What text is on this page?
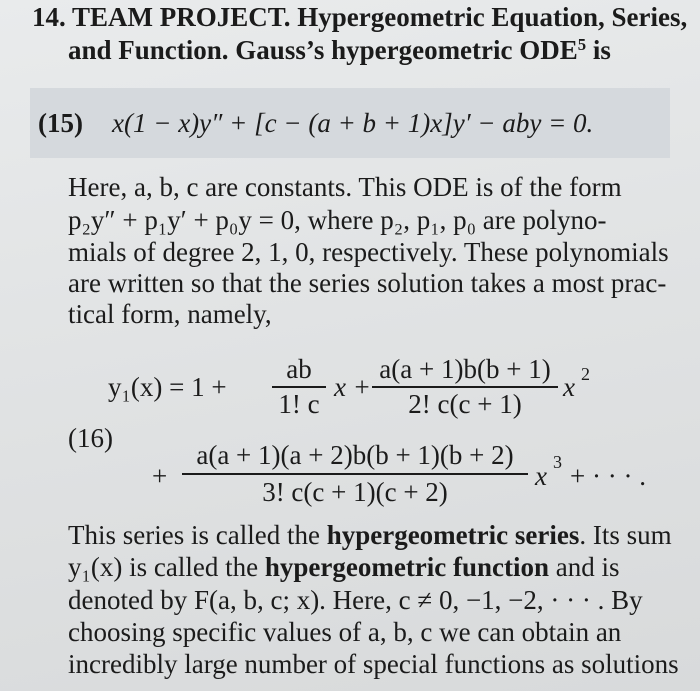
14. TEAM PROJECT. Hypergeometric Equation, Series,
and Function. Gauss’s hypergeometric ODE$^5$ is
(15) x(1 − x)y″ + [c − (a + b + 1)x]y′ − aby = 0.
Here, a, b, c are constants. This ODE is of the form
p₂y″ + p₁y′ + p₀y = 0, where p₂, p₁, p₀ are polyno-
mials of degree 2, 1, 0, respectively. These polynomials
are written so that the series solution takes a most prac-
tical form, namely,
y₁(x) = 1 +
ab
1! c
x +
a(a + 1)b(b + 1)
2! c(c + 1)
x 2
(16)
+
a(a + 1)(a + 2)b(b + 1)(b + 2)
3! c(c + 1)(c + 2)
x 3 + · · · .
This series is called the hypergeometric series. Its sum
y₁(x) is called the hypergeometric function and is
denoted by F(a, b, c; x). Here, c ≠ 0, −1, −2, · · · . By
choosing specific values of a, b, c we can obtain an
incredibly large number of special functions as solutions
